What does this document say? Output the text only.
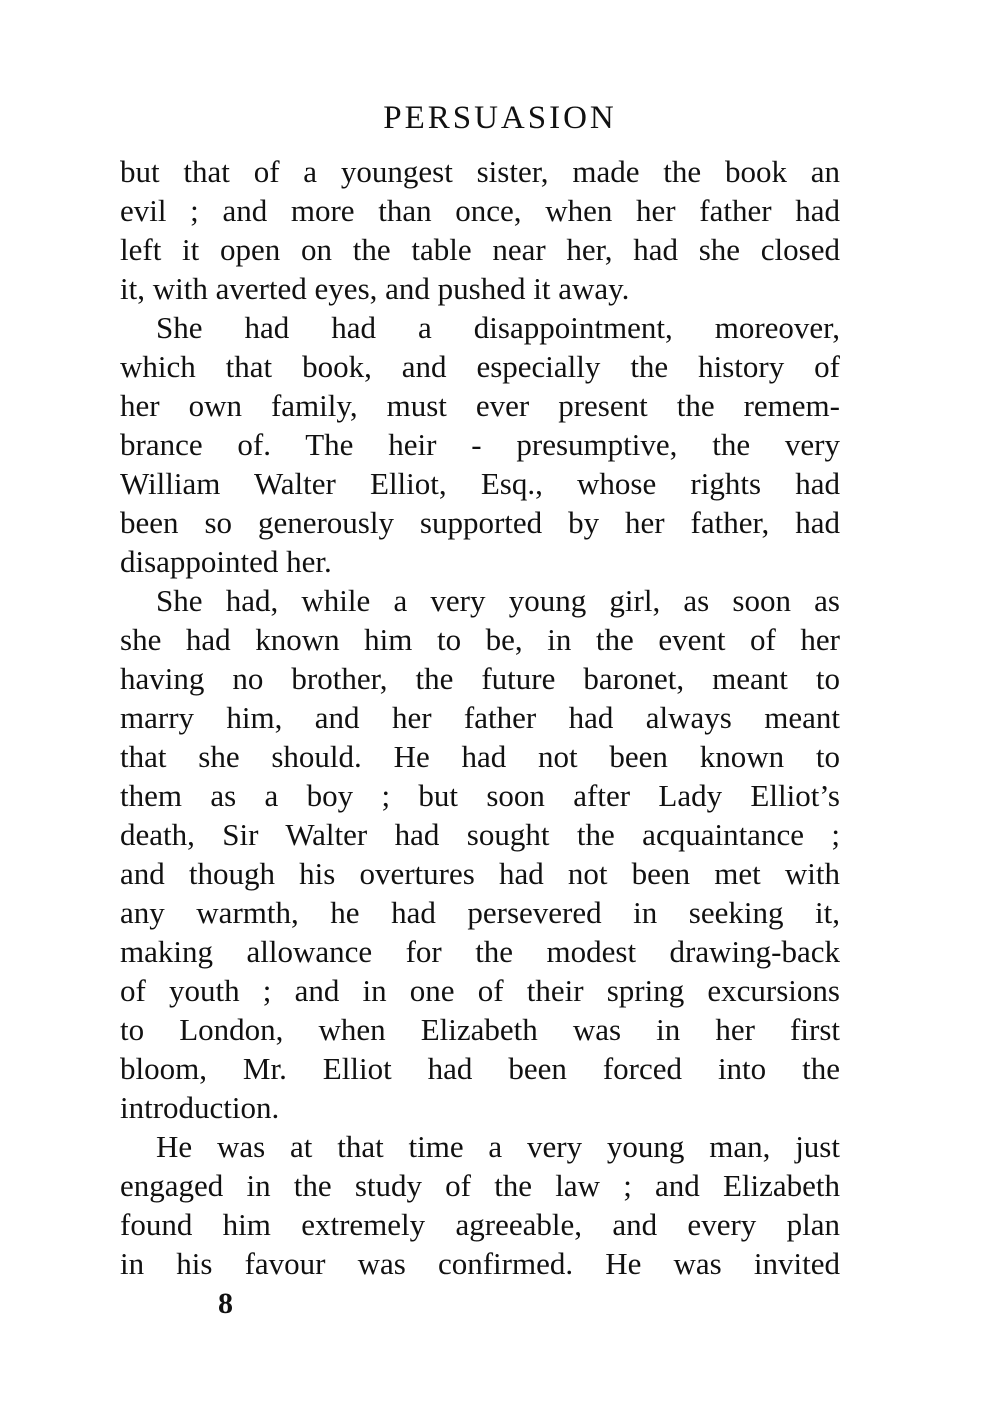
PERSUASION
but that of a youngest sister, made the book an
evil ; and more than once, when her father had
left it open on the table near her, had she closed
it, with averted eyes, and pushed it away.
She had had a disappointment, moreover,
which that book, and especially the history of
her own family, must ever present the remem-
brance of. The heir - presumptive, the very
William Walter Elliot, Esq., whose rights had
been so generously supported by her father, had
disappointed her.
She had, while a very young girl, as soon as
she had known him to be, in the event of her
having no brother, the future baronet, meant to
marry him, and her father had always meant
that she should. He had not been known to
them as a boy ; but soon after Lady Elliot’s
death, Sir Walter had sought the acquaintance ;
and though his overtures had not been met with
any warmth, he had persevered in seeking it,
making allowance for the modest drawing-back
of youth ; and in one of their spring excursions
to London, when Elizabeth was in her first
bloom, Mr. Elliot had been forced into the
introduction.
He was at that time a very young man, just
engaged in the study of the law ; and Elizabeth
found him extremely agreeable, and every plan
in his favour was confirmed. He was invited
8
